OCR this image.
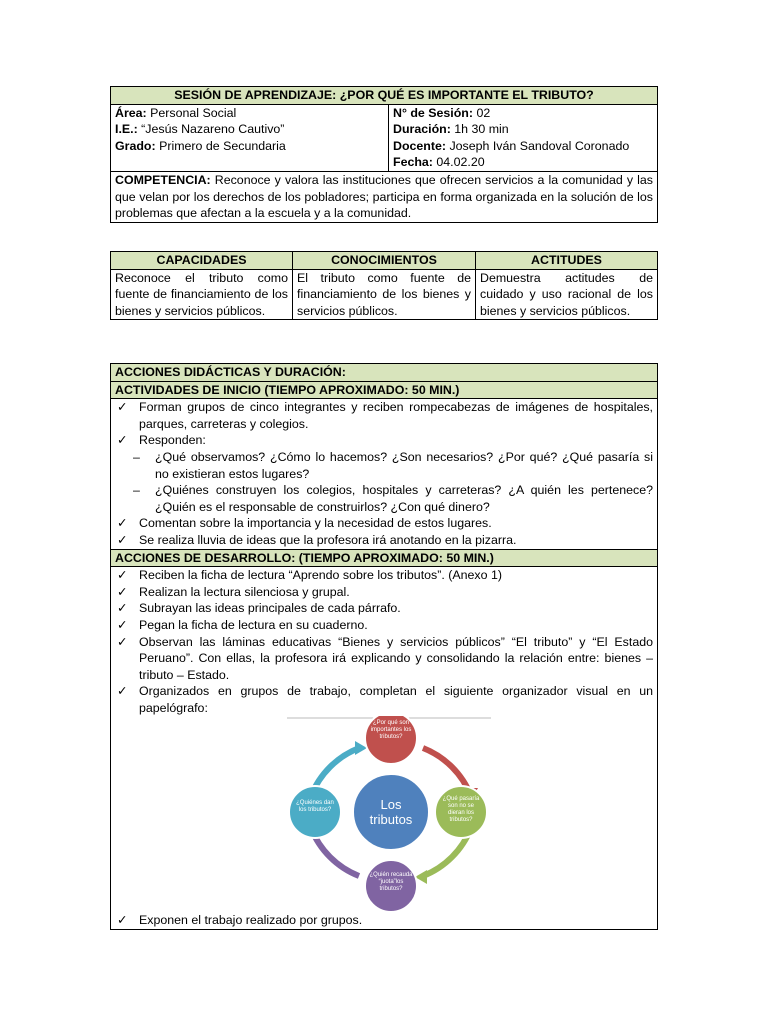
SESIÓN DE APRENDIZAJE: ¿POR QUÉ ES IMPORTANTE EL TRIBUTO?

Área: Personal Social
I.E.: “Jesús Nazareno Cautivo”
Grado: Primero de Secundaria

N° de Sesión: 02
Duración: 1h 30 min
Docente: Joseph Iván Sandoval Coronado
Fecha: 04.02.20

COMPETENCIA: Reconoce y valora las instituciones que ofrecen servicios a la comunidad y las que velan por los derechos de los pobladores; participa en forma organizada en la solución de los problemas que afectan a la escuela y a la comunidad.
CAPACIDADES	CONOCIMIENTOS	ACTITUDES
Reconoce el tributo como fuente de financiamiento de los bienes y servicios públicos.	El tributo como fuente de financiamiento de los bienes y servicios públicos.	Demuestra actitudes de cuidado y uso racional de los bienes y servicios públicos.
ACCIONES DIDÁCTICAS Y DURACIÓN:
ACTIVIDADES DE INICIO (TIEMPO APROXIMADO: 50 MIN.)

✓ Forman grupos de cinco integrantes y reciben rompecabezas de imágenes de hospitales, parques, carreteras y colegios.
✓ Responden:
– ¿Qué observamos? ¿Cómo lo hacemos? ¿Son necesarios? ¿Por qué? ¿Qué pasaría si no existieran estos lugares?
– ¿Quiénes construyen los colegios, hospitales y carreteras? ¿A quién les pertenece? ¿Quién es el responsable de construirlos? ¿Con qué dinero?
✓ Comentan sobre la importancia y la necesidad de estos lugares.
✓ Se realiza lluvia de ideas que la profesora irá anotando en la pizarra.

ACCIONES DE DESARROLLO: (TIEMPO APROXIMADO: 50 MIN.)

✓ Reciben la ficha de lectura “Aprendo sobre los tributos”. (Anexo 1)
✓ Realizan la lectura silenciosa y grupal.
✓ Subrayan las ideas principales de cada párrafo.
✓ Pegan la ficha de lectura en su cuaderno.
✓ Observan las láminas educativas “Bienes y servicios públicos” “El tributo” y “El Estado Peruano”. Con ellas, la profesora irá explicando y consolidando la relación entre: bienes – tributo – Estado.
✓ Organizados en grupos de trabajo, completan el siguiente organizador visual en un papelógrafo:
Los tributos
¿Por qué son importantes los tributos?
¿Qué pasaría son no se dieran los tributos?
¿Quién recauda “juota”los tributos?
¿Quiénes dan los tributos?
✓ Exponen el trabajo realizado por grupos.
